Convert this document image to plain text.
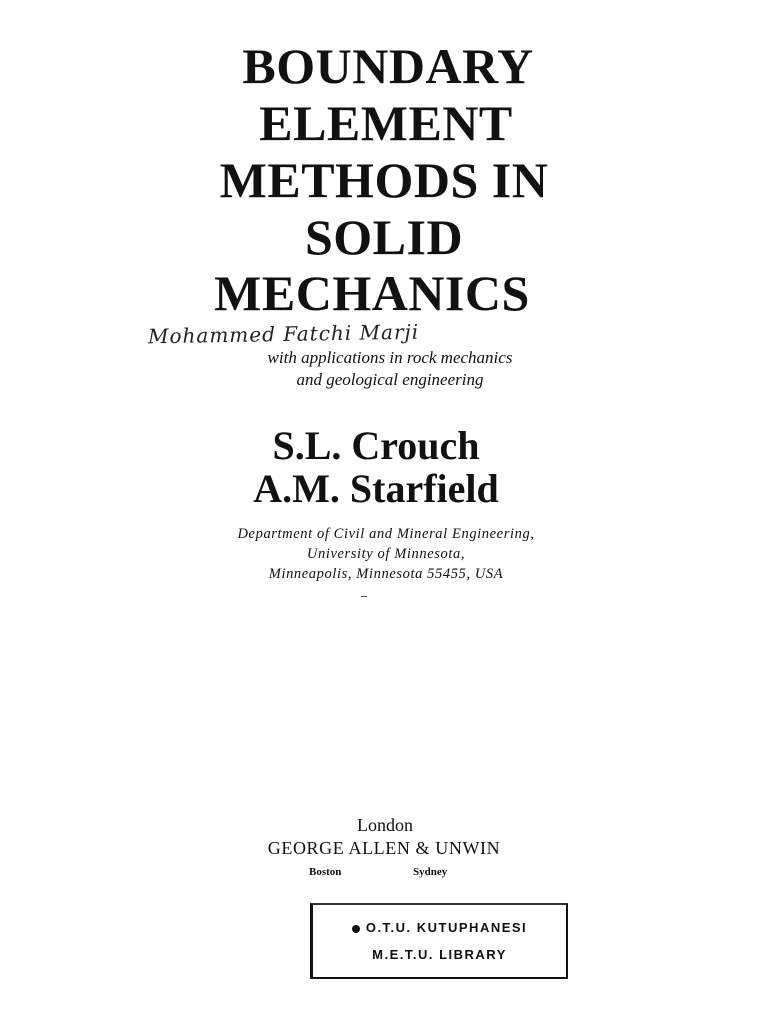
BOUNDARY
ELEMENT
METHODS IN
SOLID
MECHANICS
Mohammed Fatchi Marji
with applications in rock mechanics
and geological engineering
S.L. Crouch
A.M. Starfield
Department of Civil and Mineral Engineering,
University of Minnesota,
Minneapolis, Minnesota 55455, USA
London
GEORGE ALLEN & UNWIN
Boston	Sydney
O.T.U. KUTUPHANESI
M.E.T.U. LIBRARY
